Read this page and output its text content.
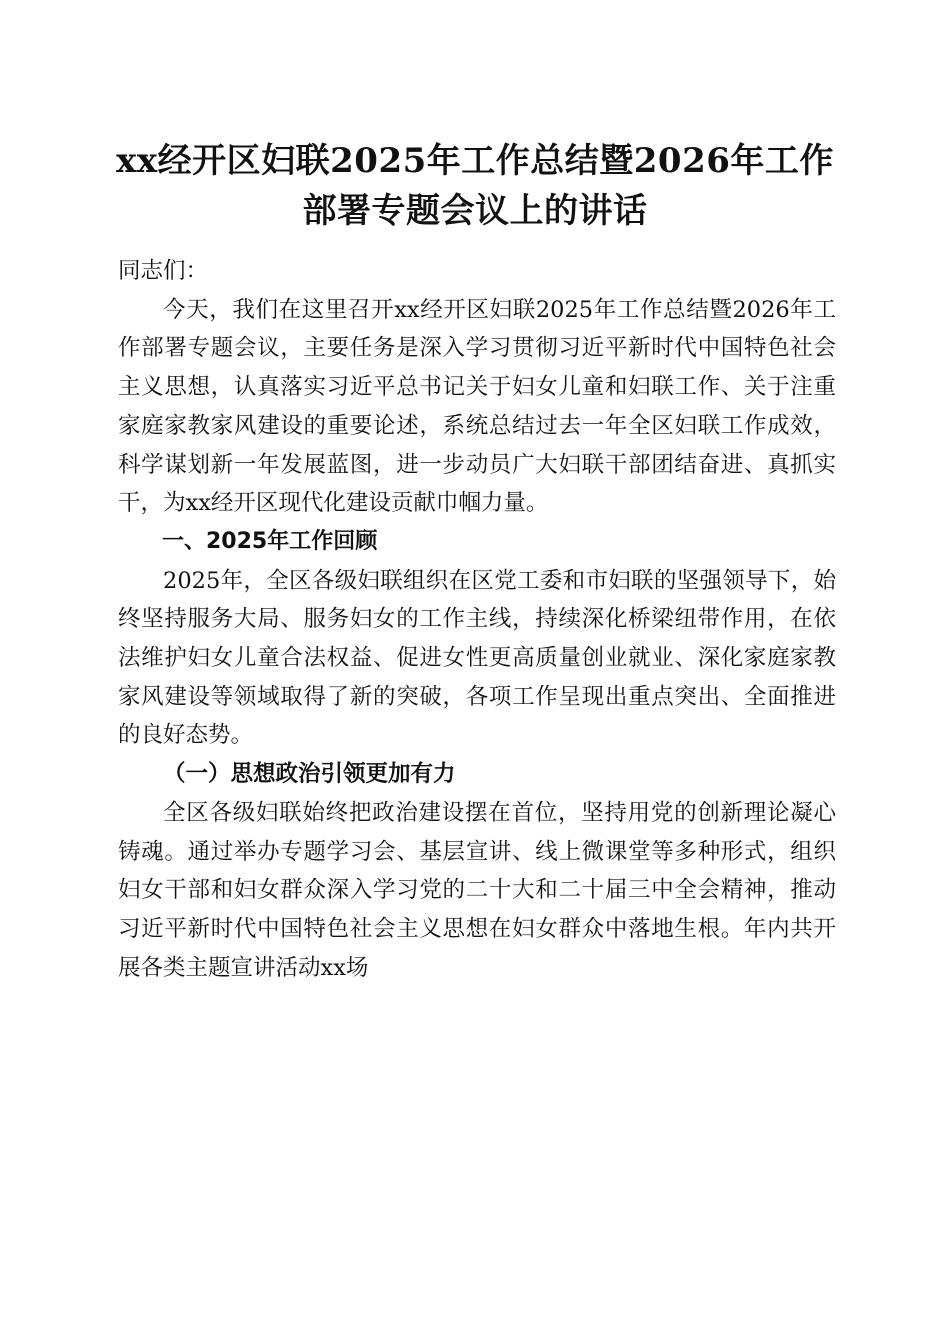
xx经开区妇联2025年工作总结暨2026年工作
部署专题会议上的讲话

同志们：

今天，我们在这里召开xx经开区妇联2025年工作总结暨2026年工作部署专题会议，主要任务是深入学习贯彻习近平新时代中国特色社会主义思想，认真落实习近平总书记关于妇女儿童和妇联工作、关于注重家庭家教家风建设的重要论述，系统总结过去一年全区妇联工作成效，科学谋划新一年发展蓝图，进一步动员广大妇联干部团结奋进、真抓实干，为xx经开区现代化建设贡献巾帼力量。

一、2025年工作回顾

2025年，全区各级妇联组织在区党工委和市妇联的坚强领导下，始终坚持服务大局、服务妇女的工作主线，持续深化桥梁纽带作用，在依法维护妇女儿童合法权益、促进女性更高质量创业就业、深化家庭家教家风建设等领域取得了新的突破，各项工作呈现出重点突出、全面推进的良好态势。

（一）思想政治引领更加有力

全区各级妇联始终把政治建设摆在首位，坚持用党的创新理论凝心铸魂。通过举办专题学习会、基层宣讲、线上微课堂等多种形式，组织妇女干部和妇女群众深入学习党的二十大和二十届三中全会精神，推动习近平新时代中国特色社会主义思想在妇女群众中落地生根。年内共开展各类主题宣讲活动xx场
